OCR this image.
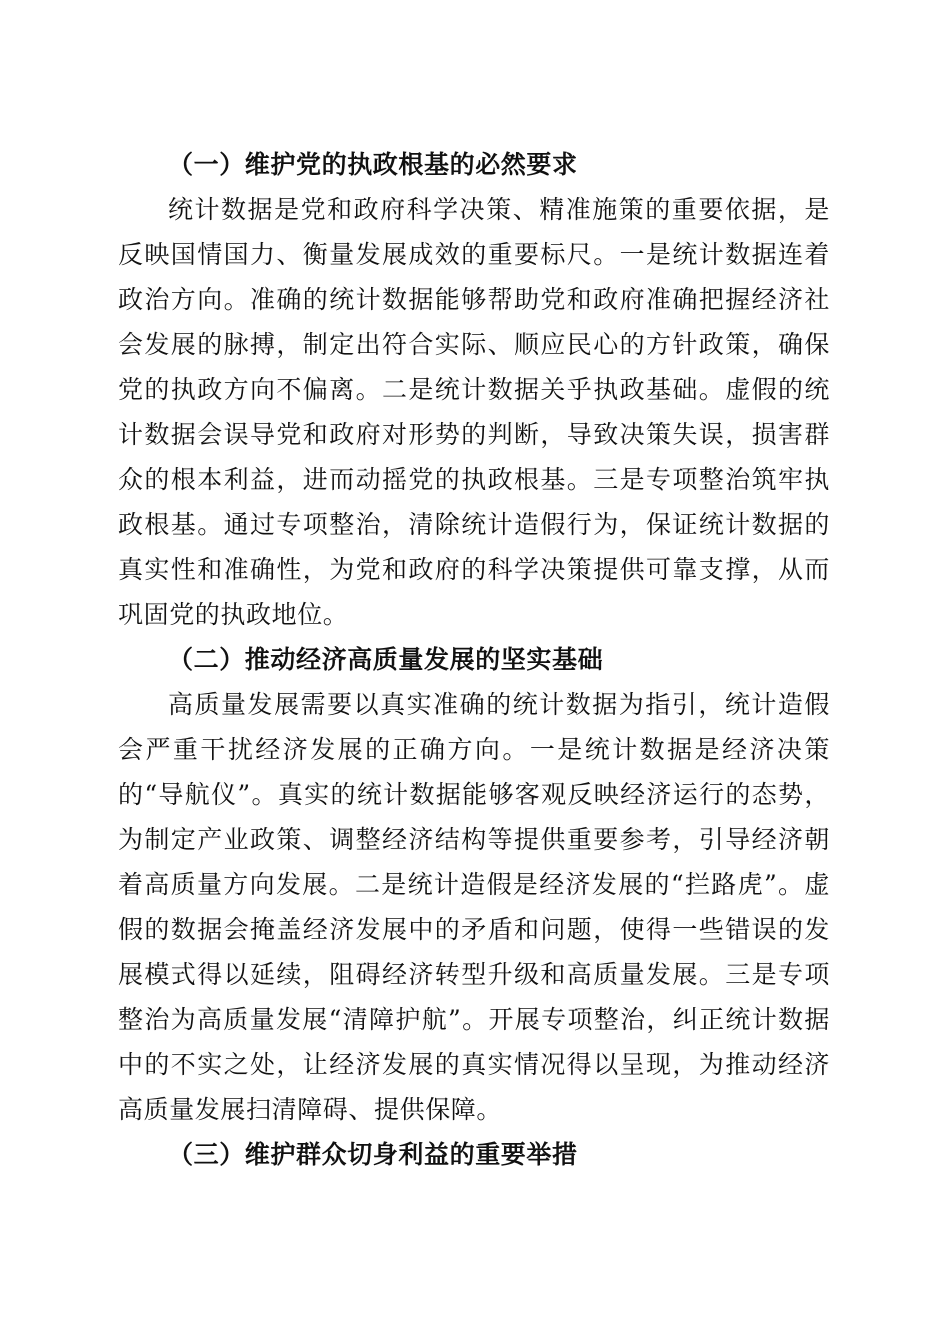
（一）维护党的执政根基的必然要求

统计数据是党和政府科学决策、精准施策的重要依据，是反映国情国力、衡量发展成效的重要标尺。一是统计数据连着政治方向。准确的统计数据能够帮助党和政府准确把握经济社会发展的脉搏，制定出符合实际、顺应民心的方针政策，确保党的执政方向不偏离。二是统计数据关乎执政基础。虚假的统计数据会误导党和政府对形势的判断，导致决策失误，损害群众的根本利益，进而动摇党的执政根基。三是专项整治筑牢执政根基。通过专项整治，清除统计造假行为，保证统计数据的真实性和准确性，为党和政府的科学决策提供可靠支撑，从而巩固党的执政地位。

（二）推动经济高质量发展的坚实基础

高质量发展需要以真实准确的统计数据为指引，统计造假会严重干扰经济发展的正确方向。一是统计数据是经济决策的“导航仪”。真实的统计数据能够客观反映经济运行的态势，为制定产业政策、调整经济结构等提供重要参考，引导经济朝着高质量方向发展。二是统计造假是经济发展的“拦路虎”。虚假的数据会掩盖经济发展中的矛盾和问题，使得一些错误的发展模式得以延续，阻碍经济转型升级和高质量发展。三是专项整治为高质量发展“清障护航”。开展专项整治，纠正统计数据中的不实之处，让经济发展的真实情况得以呈现，为推动经济高质量发展扫清障碍、提供保障。

（三）维护群众切身利益的重要举措
